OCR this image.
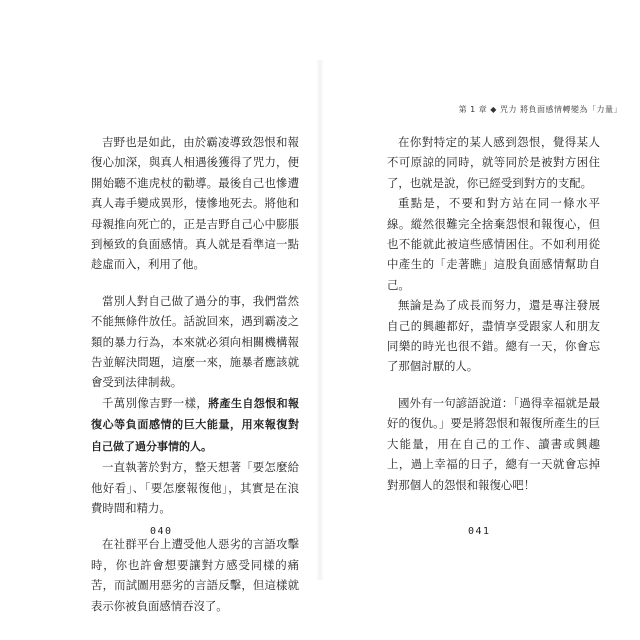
吉野也是如此，由於霸凌導致怨恨和報復心加深，與真人相遇後獲得了咒力，便開始聽不進虎杖的勸導。最後自己也慘遭真人毒手變成異形，悽慘地死去。將他和母親推向死亡的，正是吉野自己心中膨脹到極致的負面感情。真人就是看準這一點趁虛而入，利用了他。

當別人對自己做了過分的事，我們當然不能無條件放任。話說回來，遇到霸凌之類的暴力行為，本來就必須向相關機構報告並解決問題，這麼一來，施暴者應該就會受到法律制裁。

千萬別像吉野一樣，將產生自怨恨和報復心等負面感情的巨大能量，用來報復對自己做了過分事情的人。

一直執著於對方，整天想著「要怎麼給他好看」、「要怎麼報復他」，其實是在浪費時間和精力。

在社群平台上遭受他人惡劣的言語攻擊時，你也許會想要讓對方感受同樣的痛苦，而試圖用惡劣的言語反擊，但這樣就表示你被負面感情吞沒了。

040
第 1 章 ◆ 咒力 將負面感情轉變為「力量」

在你對特定的某人感到怨恨，覺得某人不可原諒的同時，就等同於是被對方困住了，也就是說，你已經受到對方的支配。

重點是，不要和對方站在同一條水平線。縱然很難完全捨棄怨恨和報復心，但也不能就此被這些感情困住。不如利用從中產生的「走著瞧」這股負面感情幫助自己。

無論是為了成長而努力，還是專注發展自己的興趣都好，盡情享受跟家人和朋友同樂的時光也很不錯。總有一天，你會忘了那個討厭的人。

國外有一句諺語說道：「過得幸福就是最好的復仇。」要是將怨恨和報復所產生的巨大能量，用在自己的工作、讀書或興趣上，過上幸福的日子，總有一天就會忘掉對那個人的怨恨和報復心吧！

041
